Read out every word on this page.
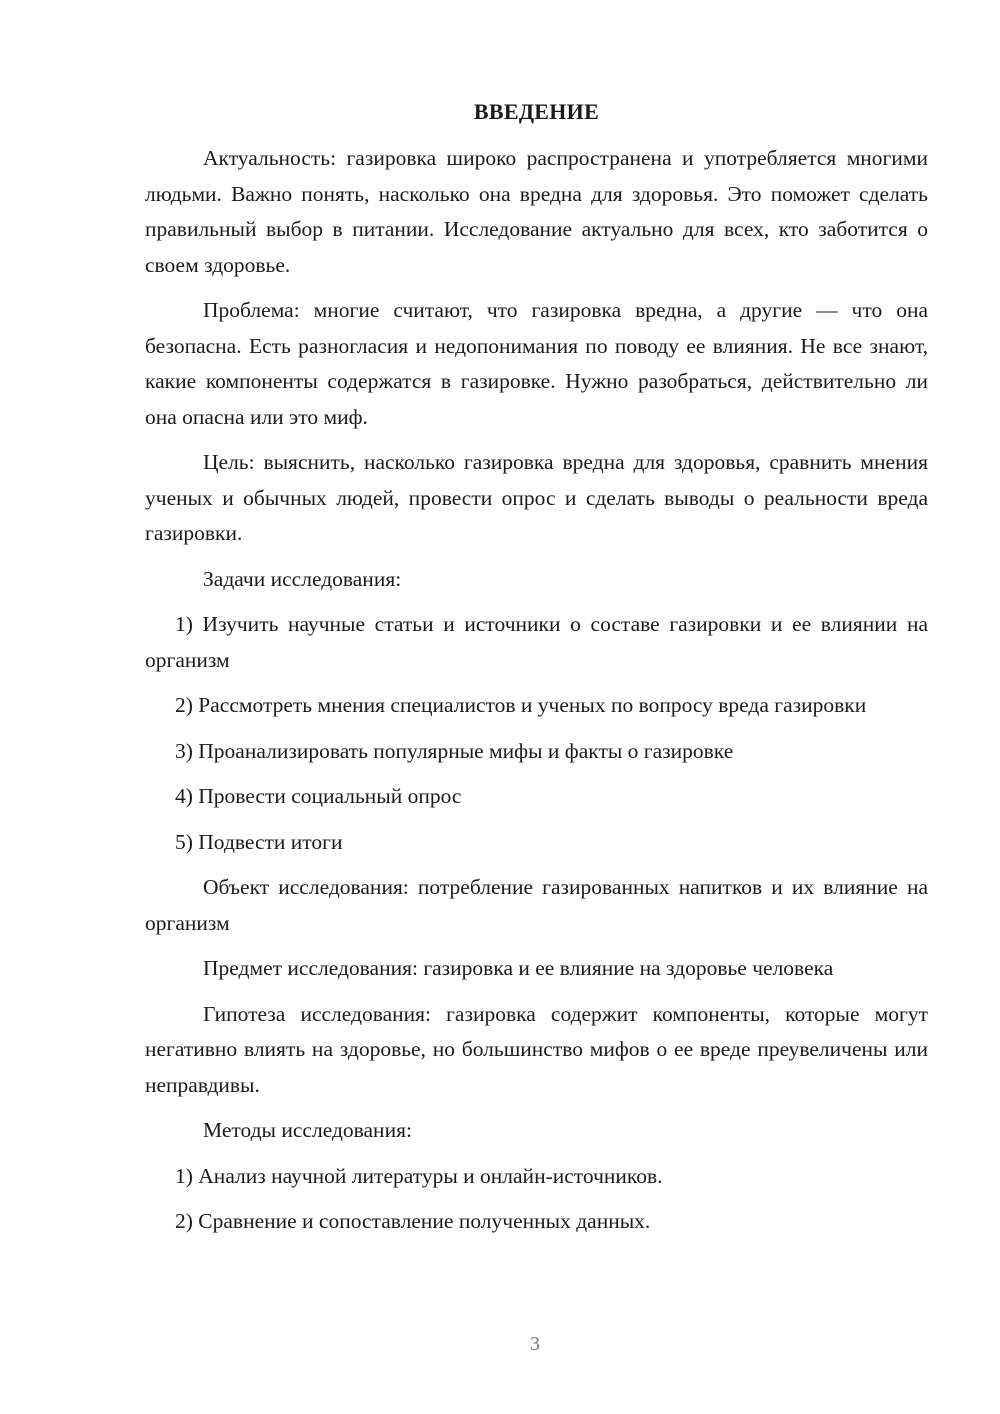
ВВЕДЕНИЕ

Актуальность: газировка широко распространена и употребляется многими людьми. Важно понять, насколько она вредна для здоровья. Это поможет сделать правильный выбор в питании. Исследование актуально для всех, кто заботится о своем здоровье.

Проблема: многие считают, что газировка вредна, а другие — что она безопасна. Есть разногласия и недопонимания по поводу ее влияния. Не все знают, какие компоненты содержатся в газировке. Нужно разобраться, действительно ли она опасна или это миф.

Цель: выяснить, насколько газировка вредна для здоровья, сравнить мнения ученых и обычных людей, провести опрос и сделать выводы о реальности вреда газировки.

Задачи исследования:

1) Изучить научные статьи и источники о составе газировки и ее влиянии на организм

2) Рассмотреть мнения специалистов и ученых по вопросу вреда газировки

3) Проанализировать популярные мифы и факты о газировке

4) Провести социальный опрос

5) Подвести итоги

Объект исследования: потребление газированных напитков и их влияние на организм

Предмет исследования: газировка и ее влияние на здоровье человека

Гипотеза исследования: газировка содержит компоненты, которые могут негативно влиять на здоровье, но большинство мифов о ее вреде преувеличены или неправдивы.

Методы исследования:

1) Анализ научной литературы и онлайн-источников.

2) Сравнение и сопоставление полученных данных.

3
